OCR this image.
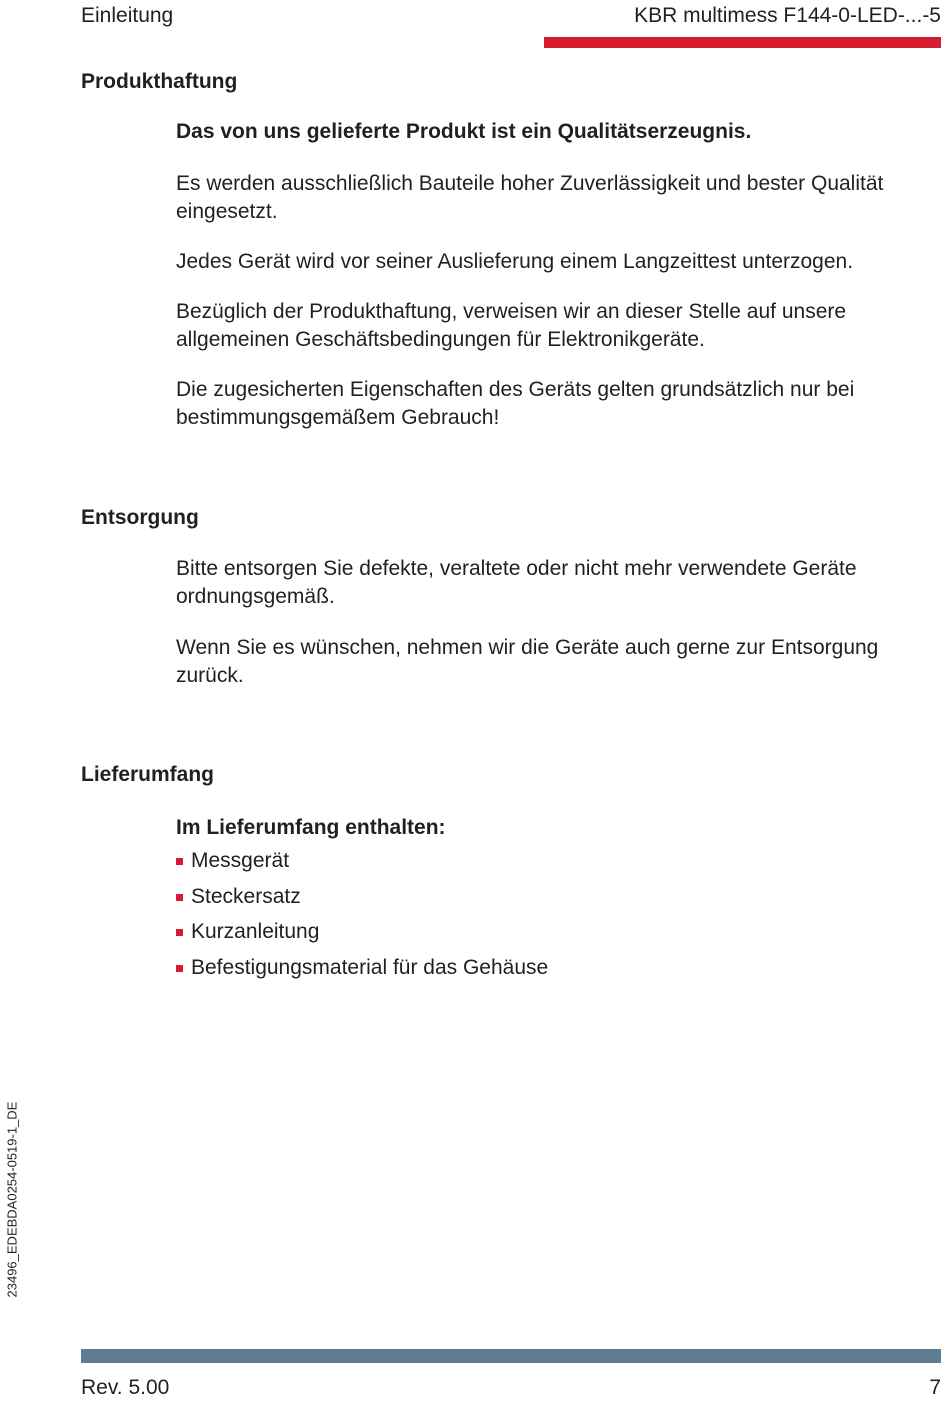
Einleitung	KBR multimess F144-0-LED-...-5
Produkthaftung
Das von uns gelieferte Produkt ist ein Qualitätserzeugnis.
Es werden ausschließlich Bauteile hoher Zuverlässigkeit und bester Qualität eingesetzt.
Jedes Gerät wird vor seiner Auslieferung einem Langzeittest unterzogen.
Bezüglich der Produkthaftung, verweisen wir an dieser Stelle auf unsere allgemeinen Geschäftsbedingungen für Elektronikgeräte.
Die zugesicherten Eigenschaften des Geräts gelten grundsätzlich nur bei bestimmungsgemäßem Gebrauch!
Entsorgung
Bitte entsorgen Sie defekte, veraltete oder nicht mehr verwendete Geräte ordnungsgemäß.
Wenn Sie es wünschen, nehmen wir die Geräte auch gerne zur Entsorgung zurück.
Lieferumfang
Im Lieferumfang enthalten:
Messgerät
Steckersatz
Kurzanleitung
Befestigungsmaterial für das Gehäuse
23496_EDEBDA0254-0519-1_DE
Rev. 5.00	7
